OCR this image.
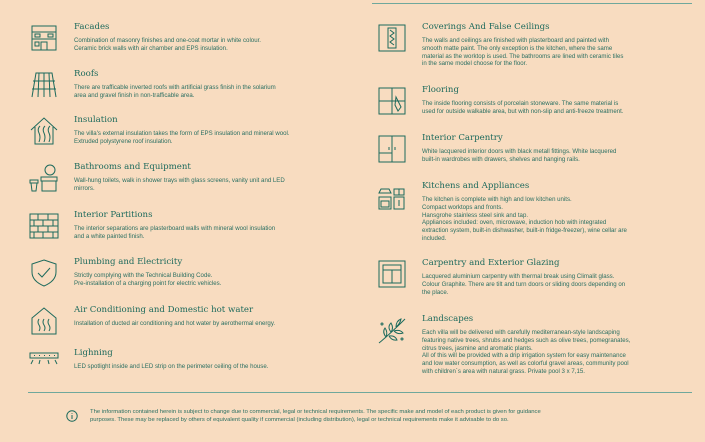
Facades
Combination of masonry finishes and one-coat mortar in white colour.
Ceramic brick walls with air chamber and EPS insulation.
Roofs
There are trafficable inverted roofs with artificial grass finish in the solarium
area and gravel finish in non-trafficable area.
Insulation
The villa's external insulation takes the form of EPS insulation and mineral wool.
Extruded polystyrene roof insulation.
Bathrooms and Equipment
Wall-hung toilets, walk in shower trays with glass screens, vanity unit and LED
mirrors.
Interior Partitions
The interior separations are plasterboard walls with mineral wool insulation
and a white painted finish.
Plumbing and Electricity
Strictly complying with the Technical Building Code.
Pre-installation of a charging point for electric vehicles.
Air Conditioning and Domestic hot water
Installation of ducted air conditioning and hot water by aerothermal energy.
Lighning
LED spotlight inside and LED strip on the perimeter ceiling of the house.
Coverings And False Ceilings
The walls and ceilings are finished with plasterboard and painted with
smooth matte paint. The only exception is the kitchen, where the same
material as the worktop is used. The bathrooms are lined with ceramic tiles
in the same model choose for the floor.
Flooring
The inside flooring consists of porcelain stoneware. The same material is
used for outside walkable area, but with non-slip and anti-freeze treatment.
Interior Carpentry
White lacquered interior doors with black metall fittings. White lacquered
built-in wardrobes with drawers, shelves and hanging rails.
Kitchens and Appliances
The kitchen is complete with high and low kitchen units.
Compact worktops and fronts.
Hansgrohe stainless steel sink and tap.
Appliances included: oven, microwave, induction hob with integrated
extraction system, built-in dishwasher, built-in fridge-freezer), wine cellar are
included.
Carpentry and Exterior Glazing
Lacquered aluminium carpentry with thermal break using Climalit glass.
Colour Graphite. There are tilt and turn doors or sliding doors depending on
the place.
Landscapes
Each villa will be delivered with carefully mediterranean-style landscaping
featuring native trees, shrubs and hedges such as olive trees, pomegranates,
citrus trees, jasmine and aromatic plants.
All of this will be provided with a drip irrigation system for easy maintenance
and low water consumption, as well as colorful gravel areas, community pool
with children´s area with natural grass. Private pool 3 x 7,15.
The information contained herein is subject to change due to commercial, legal or technical requirements. The specific make and model of each product is given for guidance
purposes. These may be replaced by others of equivalent quality if commercial (including distribution), legal or technical requirements make it advisable to do so.
